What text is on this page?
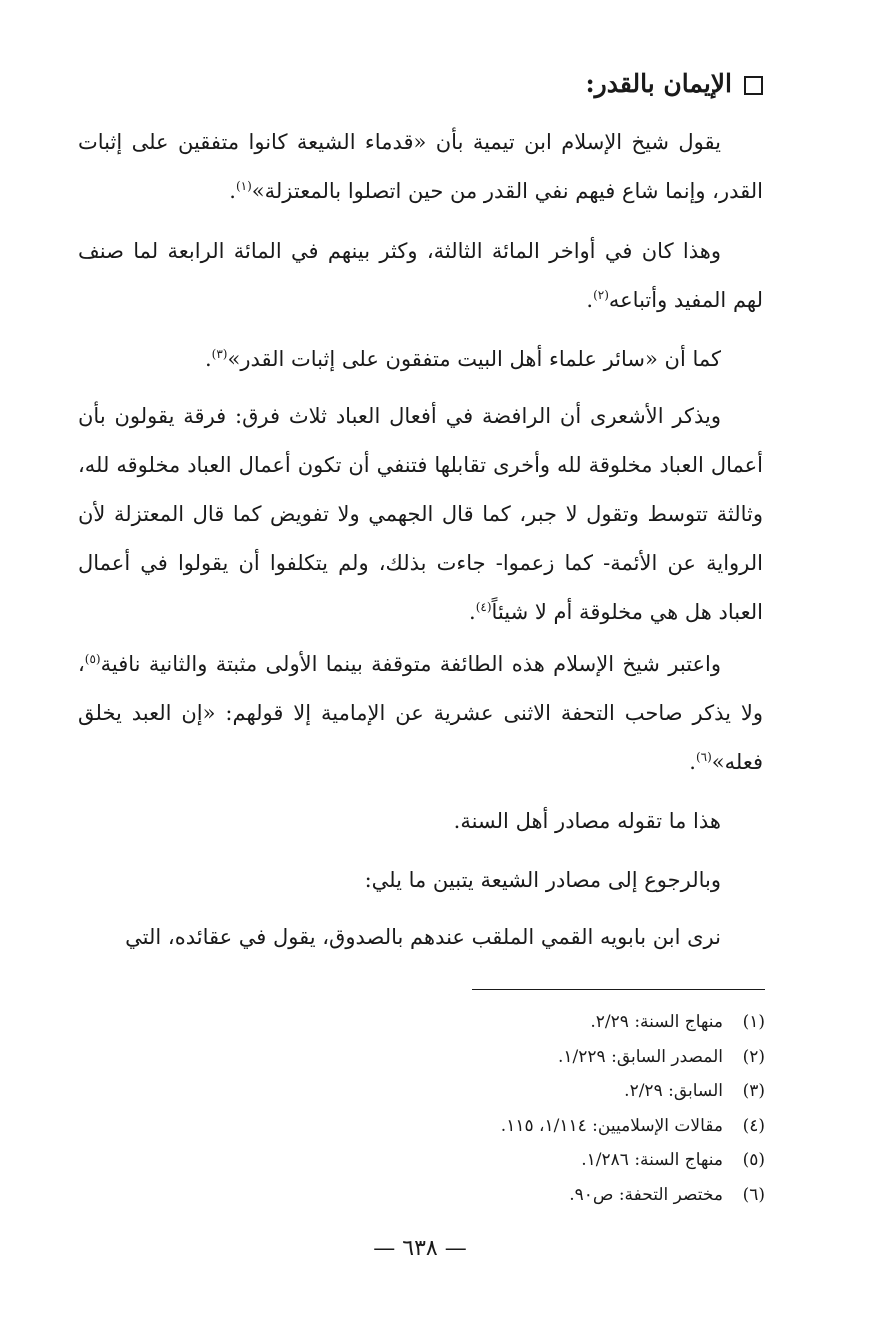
الإيمان بالقدر:

يقول شيخ الإسلام ابن تيمية بأن «قدماء الشيعة كانوا متفقين على إثبات القدر، وإنما شاع فيهم نفي القدر من حين اتصلوا بالمعتزلة»$^{(١)}$.

وهذا كان في أواخر المائة الثالثة، وكثر بينهم في المائة الرابعة لما صنف لهم المفيد وأتباعه$^{(٢)}$.

كما أن «سائر علماء أهل البيت متفقون على إثبات القدر»$^{(٣)}$.

ويذكر الأشعرى أن الرافضة في أفعال العباد ثلاث فرق: فرقة يقولون بأن أعمال العباد مخلوقة لله وأخرى تقابلها فتنفي أن تكون أعمال العباد مخلوقه لله، وثالثة تتوسط وتقول لا جبر، كما قال الجهمي ولا تفويض كما قال المعتزلة لأن الرواية عن الأئمة- كما زعموا- جاءت بذلك، ولم يتكلفوا أن يقولوا في أعمال العباد هل هي مخلوقة أم لا شيئاً$^{(٤)}$.

واعتبر شيخ الإسلام هذه الطائفة متوقفة بينما الأولى مثبتة والثانية نافية$^{(٥)}$، ولا يذكر صاحب التحفة الاثنى عشرية عن الإمامية إلا قولهم: «إن العبد يخلق فعله»$^{(٦)}$.

هذا ما تقوله مصادر أهل السنة.

وبالرجوع إلى مصادر الشيعة يتبين ما يلي:

نرى ابن بابويه القمي الملقب عندهم بالصدوق، يقول في عقائده، التي

(١)منهاج السنة: ٢/٢٩.
(٢)المصدر السابق: ١/٢٢٩.
(٣)السابق: ٢/٢٩.
(٤)مقالات الإسلاميين: ١/١١٤، ١١٥.
(٥)منهاج السنة: ١/٢٨٦.
(٦)مختصر التحفة: ص٩٠.
— ٦٣٨ —
